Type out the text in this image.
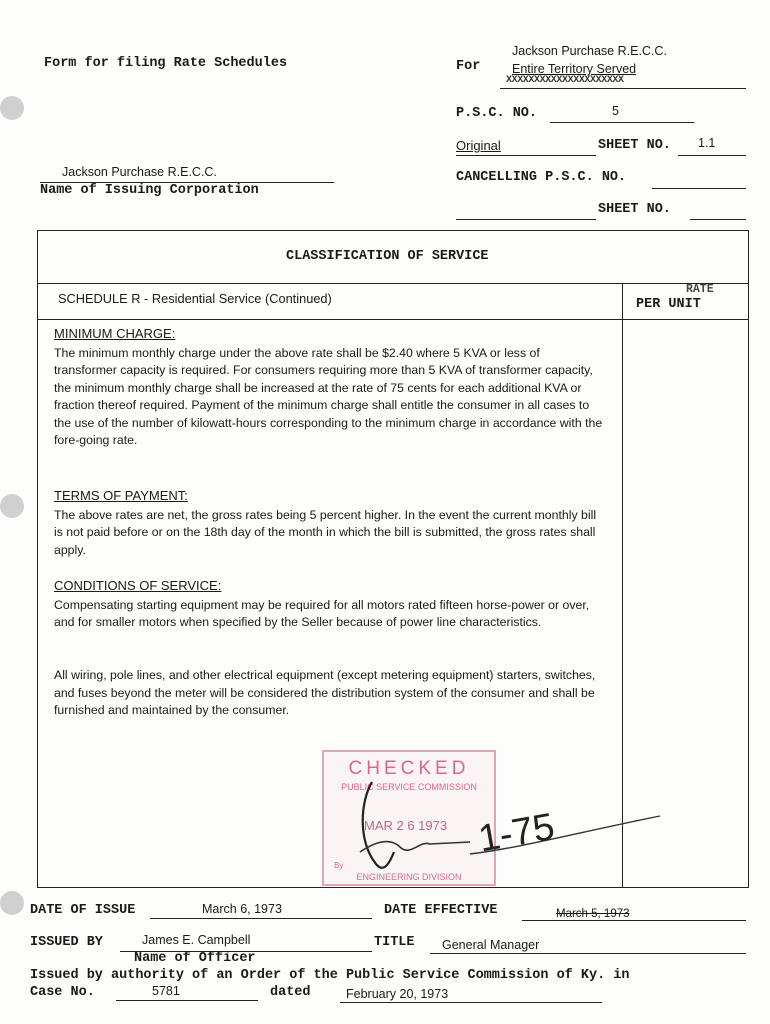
Form for filing Rate Schedules	For
Jackson Purchase R.E.C.C.
Entire Territory Served
XXXXXXXXXXXXXXXXXXXXX
P.S.C. NO.	5
Original	SHEET NO. 1.1
CANCELLING P.S.C. NO.
SHEET NO.
Jackson Purchase R.E.C.C.
Name of Issuing Corporation
CLASSIFICATION OF SERVICE
SCHEDULE R - Residential Service (Continued)
RATE
PER UNIT
MINIMUM CHARGE:
The minimum monthly charge under the above rate shall be $2.40 where 5 KVA or less of transformer capacity is required. For consumers requiring more than 5 KVA of transformer capacity, the minimum monthly charge shall be increased at the rate of 75 cents for each additional KVA or fraction thereof required. Payment of the minimum charge shall entitle the consumer in all cases to the use of the number of kilowatt-hours corresponding to the minimum charge in accordance with the fore-going rate.
TERMS OF PAYMENT:
The above rates are net, the gross rates being 5 percent higher. In the event the current monthly bill is not paid before or on the 18th day of the month in which the bill is submitted, the gross rates shall apply.
CONDITIONS OF SERVICE:
Compensating starting equipment may be required for all motors rated fifteen horse-power or over, and for smaller motors when specified by the Seller because of power line characteristics.
All wiring, pole lines, and other electrical equipment (except metering equipment) starters, switches, and fuses beyond the meter will be considered the distribution system of the consumer and shall be furnished and maintained by the consumer.
CHECKED
PUBLIC SERVICE COMMISSION
MAR 2 6 1973
By
ENGINEERING DIVISION
1-75
DATE OF ISSUE	March 6, 1973	DATE EFFECTIVE	March 5, 1973
ISSUED BY	James E. Campbell	TITLE General Manager
Name of Officer
Issued by authority of an Order of the Public Service Commission of Ky. in
Case No.	5781	dated	February 20, 1973
